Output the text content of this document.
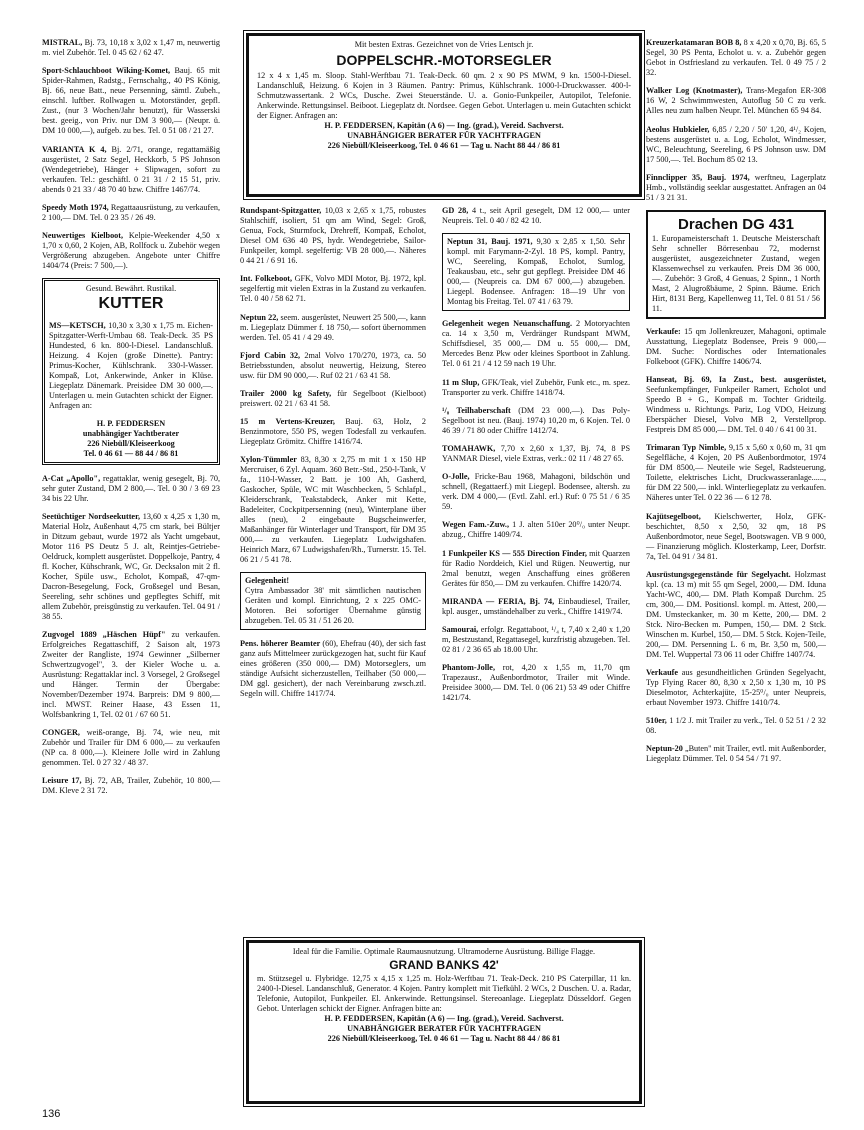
Mit besten Extras. Gezeichnet von de Vries Lentsch jr.
DOPPELSCHR.-MOTORSEGLER
12 x 4 x 1,45 m. Sloop. Stahl-Werftbau 71. Teak-Deck. 60 qm. 2 x 90 PS MWM, 9 kn. 1500-l-Diesel. Landanschluß, Heizung. 6 Kojen in 3 Räumen. Pantry: Primus, Kühlschrank. 1000-l-Druckwasser. 400-l-Schmutzwassertank. 2 WCs, Dusche. Zwei Steuerstände. U. a. Gonio-Funkpeiler, Autopilot, Telefonie. Ankerwinde. Rettungsinsel. Beiboot. Liegeplatz dt. Nordsee. Gegen Gebot. Unterlagen u. mein Gutachten schickt der Eigner. Anfragen an:
H. P. FEDDERSEN, Kapitän (A 6) — Ing. (grad.), Vereid. Sachverst.
UNABHÄNGIGER BERATER FÜR YACHTFRAGEN
226 Niebüll/Kleiseerkoog, Tel. 0 46 61 — Tag u. Nacht 88 44 / 86 81

MISTRAL, Bj. 73, 10,18 x 3,02 x 1,47 m, neuwertig m. viel Zubehör. Tel. 0 45 62 / 62 47.

Sport-Schlauchboot Wiking-Komet, Bauj. 65 mit Spider-Rahmen, Radstg., Fernschaltg., 40 PS König, Bj. 66, neue Batt., neue Persenning, sämtl. Zubeh., einschl. luftber. Rollwagen u. Motorständer, gepfl. Zust., (nur 3 Wochen/Jahr benutzt), für Wasserski best. geeig., von Priv. nur DM 3 900,— (Neupr. ü. DM 10 000,—), aufgeb. zu bes. Tel. 0 51 08 / 21 27.

VARIANTA K 4, Bj. 2/71, orange, regattamäßig ausgerüstet, 2 Satz Segel, Heckkorb, 5 PS Johnson (Wendegetriebe), Hänger + Slipwagen, sofort zu verkaufen. Tel.: geschäftl. 0 21 31 / 2 15 51, priv. abends 0 21 33 / 48 70 40 bzw. Chiffre 1467/74.

Speedy Moth 1974, Regattaausrüstung, zu verkaufen, 2 100,— DM. Tel. 0 23 35 / 26 49.

Neuwertiges Kielboot, Kelpie-Weekender 4,50 x 1,70 x 0,60, 2 Kojen, AB, Rollfock u. Zubehör wegen Vergrößerung abzugeben. Angebote unter Chiffre 1404/74 (Preis: 7 500,—).

Gesund. Bewährt. Rustikal.
KUTTER

MS—KETSCH, 10,30 x 3,30 x 1,75 m. Eichen-Spitzgatter-Werft-Umbau 68. Teak-Deck. 35 PS Hundested, 6 kn. 800-l-Diesel. Landanschluß. Heizung. 4 Kojen (große Dinette). Pantry: Primus-Kocher, Kühlschrank. 330-l-Wasser. Kompaß, Lot, Ankerwinde, Anker in Klüse. Liegeplatz Dänemark. Preisidee DM 30 000,—. Unterlagen u. mein Gutachten schickt der Eigner. Anfragen an:

H. P. FEDDERSEN
unabhängiger Yachtberater
226 Niebüll/Kleiseerkoog
Tel. 0 46 61 — 88 44 / 86 81

A-Cat „Apollo", regattaklar, wenig gesegelt, Bj. 70, sehr guter Zustand, DM 2 800,—. Tel. 0 30 / 3 69 23 34 bis 22 Uhr.

Seetüchtiger Nordseekutter, 13,60 x 4,25 x 1,30 m, Material Holz, Außenhaut 4,75 cm stark, bei Bültjer in Ditzum gebaut, wurde 1972 als Yacht umgebaut, Motor 116 PS Deutz 5 J. alt, Reintjes-Getriebe-Oeldruck, komplett ausgerüstet. Doppelkoje, Pantry, 4 fl. Kocher, Kühschrank, WC, Gr. Decksalon mit 2 fl. Kocher, Spüle usw., Echolot, Kompaß, 47-qm-Dacron-Besegelung, Fock, Großsegel und Besan, Seereling, sehr schönes und gepflegtes Schiff, mit allem Zubehör, preisgünstig zu verkaufen. Tel. 04 91 / 38 55.

Zugvogel 1889 „Häschen Hüpf" zu verkaufen. Erfolgreiches Regattaschiff, 2 Saison alt, 1973 Zweiter der Rangliste, 1974 Gewinner „Silberner Schwertzugvogel", 3. der Kieler Woche u. a. Ausrüstung: Regattaklar incl. 3 Vorsegel, 2 Großsegel und Hänger. Termin der Übergabe: November/Dezember 1974. Barpreis: DM 9 800,— incl. MWST. Reiner Haase, 43 Essen 11, Wolfsbankring 1, Tel. 02 01 / 67 60 51.

CONGER, weiß-orange, Bj. 74, wie neu, mit Zubehör und Trailer für DM 6 000,— zu verkaufen (NP ca. 8 000,—). Kleinere Jolle wird in Zahlung genommen. Tel. 0 27 32 / 48 37.

Leisure 17, Bj. 72, AB, Trailer, Zubehör, 10 800,— DM. Kleve 2 31 72.

Rundspant-Spitzgatter, 10,03 x 2,65 x 1,75, robustes Stahlschiff, isoliert, 51 qm am Wind, Segel: Groß, Genua, Fock, Sturmfock, Drehreff, Kompaß, Echolot, Diesel OM 636 40 PS, hydr. Wendegetriebe, Sailor-Funkpeiler, kompl. segelfertig: VB 28 000,—. Näheres 0 44 21 / 6 91 16.

Int. Folkeboot, GFK, Volvo MDI Motor, Bj. 1972, kpl. segelfertig mit vielen Extras in la Zustand zu verkaufen. Tel. 0 40 / 58 62 71.

Neptun 22, seem. ausgerüstet, Neuwert 25 500,—, kann m. Liegeplatz Dümmer f. 18 750,— sofort übernommen werden. Tel. 05 41 / 4 29 49.

Fjord Cabin 32, 2mal Volvo 170/270, 1973, ca. 50 Betriebsstunden, absolut neuwertig, Heizung, Stereo usw. für DM 90 000,—. Ruf 02 21 / 63 41 58.

Trailer 2000 kg Safety, für Segelboot (Kielboot) preiswert. 02 21 / 63 41 58.

15 m Vertens-Kreuzer, Bauj. 63, Holz, 2 Benzinmotore, 550 PS, wegen Todesfall zu verkaufen. Liegeplatz Grömitz. Chiffre 1416/74.

Xylon-Tümmler 83, 8,30 x 2,75 m mit 1 x 150 HP Mercruiser, 6 Zyl. Aquam. 360 Betr.-Std., 250-l-Tank, V fa., 110-l-Wasser, 2 Batt. je 100 Ah, Gasherd, Gaskocher, Spüle, WC mit Waschbecken, 5 Schlafpl., Kleiderschrank, Teakstabdeck, Anker mit Kette, Badeleiter, Cockpitpersenning (neu), Winterplane über alles (neu), 2 eingebaute Bugscheinwerfer, Maßanhänger für Winterlager und Transport, für DM 35 000,— zu verkaufen. Liegeplatz Ludwigshafen. Heinrich Marz, 67 Ludwigshafen/Rh., Turnerstr. 15. Tel. 06 21 / 5 41 78.

Gelegenheit!
Cytra Ambassador 38' mit sämtlichen nautischen Geräten und kompl. Einrichtung, 2 x 225 OMC-Motoren. Bei sofortiger Übernahme günstig abzugeben. Tel. 05 31 / 51 26 20.

Pens. höherer Beamter (60), Ehefrau (40), der sich fast ganz aufs Mittelmeer zurückgezogen hat, sucht für Kauf eines größeren (350 000,— DM) Motorseglers, um ständige Aufsicht sicherzustellen, Teilhaber (50 000,— DM ggl. gesichert), der nach Vereinbarung zwsch.ztl. Segeln will. Chiffre 1417/74.

GD 28, 4 t., seit April gesegelt, DM 12 000,— unter Neupreis. Tel. 0 40 / 82 42 10.

Neptun 31, Bauj. 1971, 9,30 x 2,85 x 1,50. Sehr kompl. mit Farymann-2-Zyl. 18 PS, kompl. Pantry, WC, Seereling, Kompaß, Echolot, Sumlog, Teakausbau, etc., sehr gut gepflegt. Preisidee DM 46 000,— (Neupreis ca. DM 67 000,—) abzugeben. Liegepl. Bodensee. Anfragen: 18—19 Uhr von Montag bis Freitag. Tel. 07 41 / 63 79.

Gelegenheit wegen Neuanschaffung. 2 Motoryachten ca. 14 x 3,50 m, Verdränger Rundspant MWM, Schiffsdiesel, 35 000,— DM u. 55 000,— DM, Mercedes Benz Pkw oder kleines Sportboot in Zahlung. Tel. 0 61 21 / 4 12 59 nach 19 Uhr.

11 m Slup, GFK/Teak, viel Zubehör, Funk etc., m. spez. Transporter zu verk. Chiffre 1418/74.

¹/₈ Teilhaberschaft (DM 23 000,—). Das Poly-Segelboot ist neu. (Bauj. 1974) 10,20 m, 6 Kojen. Tel. 0 46 39 / 71 80 oder Chiffre 1412/74.

TOMAHAWK, 7,70 x 2,60 x 1,37, Bj. 74, 8 PS YANMAR Diesel, viele Extras, verk.: 02 11 / 48 27 65.

O-Jolle, Fricke-Bau 1968, Mahagoni, bildschön und schnell, (Regattaerf.) mit Liegepl. Bodensee, altersh. zu verk. DM 4 000,— (Evtl. Zahl. erl.) Ruf: 0 75 51 / 6 35 59.

Wegen Fam.-Zuw., 1 J. alten 510er 20⁰/₀ unter Neupr. abzug., Chiffre 1409/74.

1 Funkpeiler KS — 555 Direction Finder, mit Quarzen für Radio Norddeich, Kiel und Rügen. Neuwertig, nur 2mal benutzt, wegen Anschaffung eines größeren Gerätes für 850,— DM zu verkaufen. Chiffre 1420/74.

MIRANDA — FERIA, Bj. 74, Einbaudiesel, Trailer, kpl. ausger., umständehalber zu verk., Chiffre 1419/74.

Samourai, erfolgr. Regattaboot, ¹/₄ t, 7,40 x 2,40 x 1,20 m, Bestzustand, Regattasegel, kurzfristig abzugeben. Tel. 02 81 / 2 36 65 ab 18.00 Uhr.

Phantom-Jolle, rot, 4,20 x 1,55 m, 11,70 qm Trapezausr., Außenbordmotor, Trailer mit Winde. Preisidee 3000,— DM. Tel. 0 (06 21) 53 49 oder Chiffre 1421/74.

Kreuzerkatamaran BOB 8, 8 x 4,20 x 0,70, Bj. 65, 5 Segel, 30 PS Penta, Echolot u. v. a. Zubehör gegen Gebot in Ostfriesland zu verkaufen. Tel. 0 49 75 / 2 32.

Walker Log (Knotmaster), Trans-Megafon ER-308 16 W, 2 Schwimmwesten, Autoflug 50 C zu verk. Alles neu zum halben Neupr. Tel. München 65 94 84.

Aeolus Hubkieler, 6,85 / 2,20 / 50' 1,20, 4¹/₂ Kojen, bestens ausgerüstet u. a. Log, Echolot, Windmesser, WC, Beleuchtung, Seereling, 6 PS Johnson usw. DM 17 500,—. Tel. Bochum 85 02 13.

Finnclipper 35, Bauj. 1974, werftneu, Lagerplatz Hmb., vollständig seeklar ausgestattet. Anfragen an 04 51 / 3 21 31.

Drachen DG 431
1. Europameisterschaft 1. Deutsche Meisterschaft Sehr schneller Börresenbau 72, modernst ausgerüstet, ausgezeichneter Zustand, wegen Klassenwechsel zu verkaufen. Preis DM 36 000,—. Zubehör: 3 Groß, 4 Genuas, 2 Spinn., 1 North Mast, 2 Alugroßbäume, 2 Spinn. Bäume. Erich Hirt, 8131 Berg, Kapellenweg 11, Tel. 0 81 51 / 56 11.

Verkaufe: 15 qm Jollenkreuzer, Mahagoni, optimale Ausstattung, Liegeplatz Bodensee, Preis 9 000,— DM. Suche: Nordisches oder Internationales Folkeboot (GFK). Chiffre 1406/74.

Hanseat, Bj. 69, Ia Zust., best. ausgerüstet, Seefunkempfänger, Funkpeiler Ramert, Echolot und Speedo B + G., Kompaß m. Tochter Gridteilg. Windmess u. Richtungs. Pariz, Log VDO, Heizung Eberspächer Diesel, Volvo MB 2, Verstellprop. Festpreis DM 85 000,— DM. Tel. 0 40 / 6 41 00 31.

Trimaran Typ Nimble, 9,15 x 5,60 x 0,60 m, 31 qm Segelfläche, 4 Kojen, 20 PS Außenbordmotor, 1974 für DM 8500,— Neuteile wie Segel, Radsteuerung, Toilette, elektrisches Licht, Druckwasseranlage......, für DM 22 500,— inkl. Winterliegeplatz zu verkaufen. Näheres unter Tel. 0 22 36 — 6 12 78.

Kajütsegelboot, Kielschwerter, Holz, GFK-beschichtet, 8,50 x 2,50, 32 qm, 18 PS Außenbordmotor, neue Segel, Bootswagen. VB 9 000,— Finanzierung möglich. Klosterkamp, Leer, Dorfstr. 7a, Tel. 04 91 / 34 81.

Ausrüstungsgegenstände für Segelyacht. Holzmast kpl. (ca. 13 m) mit 55 qm Segel, 2000,— DM. Iduna Yacht-WC, 400,— DM. Plath Kompaß Durchm. 25 cm, 300,— DM. Positionsl. kompl. m. Attest, 200,— DM. Umsteckanker, m. 30 m Kette, 200,— DM. 2 Stck. Niro-Becken m. Pumpen, 150,— DM. 2 Stck. Winschen m. Kurbel, 150,— DM. 5 Stck. Kojen-Teile, 200,— DM. Persenning L. 6 m, Br. 3,50 m, 500,— DM. Tel. Wuppertal 73 06 11 oder Chiffre 1407/74.

Verkaufe aus gesundheitlichen Gründen Segelyacht, Typ Flying Racer 80, 8,30 x 2,50 x 1,30 m, 10 PS Dieselmotor, Achterkajüte, 15-25⁰/₀ unter Neupreis, erbaut November 1973. Chiffre 1410/74.

510er, 1 1/2 J. mit Trailer zu verk., Tel. 0 52 51 / 2 32 08.

Neptun-20 „Buten" mit Trailer, evtl. mit Außenborder, Liegeplatz Dümmer. Tel. 0 54 54 / 71 97.

Ideal für die Familie. Optimale Raumausnutzung. Ultramoderne Ausrüstung. Billige Flagge.
GRAND BANKS 42'
m. Stützsegel u. Flybridge. 12,75 x 4,15 x 1,25 m. Holz-Werftbau 71. Teak-Deck. 210 PS Caterpillar, 11 kn. 2400-l-Diesel. Landanschluß, Generator. 4 Kojen. Pantry komplett mit Tiefkühl. 2 WCs, 2 Duschen. U. a. Radar, Telefonie, Autopilot, Funkpeiler. El. Ankerwinde. Rettungsinsel. Stereoanlage. Liegeplatz Düsseldorf. Gegen Gebot. Unterlagen schickt der Eigner. Anfragen bitte an:
H. P. FEDDERSEN, Kapitän (A 6) — Ing. (grad.), Vereid. Sachverst.
UNABHÄNGIGER BERATER FÜR YACHTFRAGEN
226 Niebüll/Kleiseerkoog, Tel. 0 46 61 — Tag u. Nacht 88 44 / 86 81
136
